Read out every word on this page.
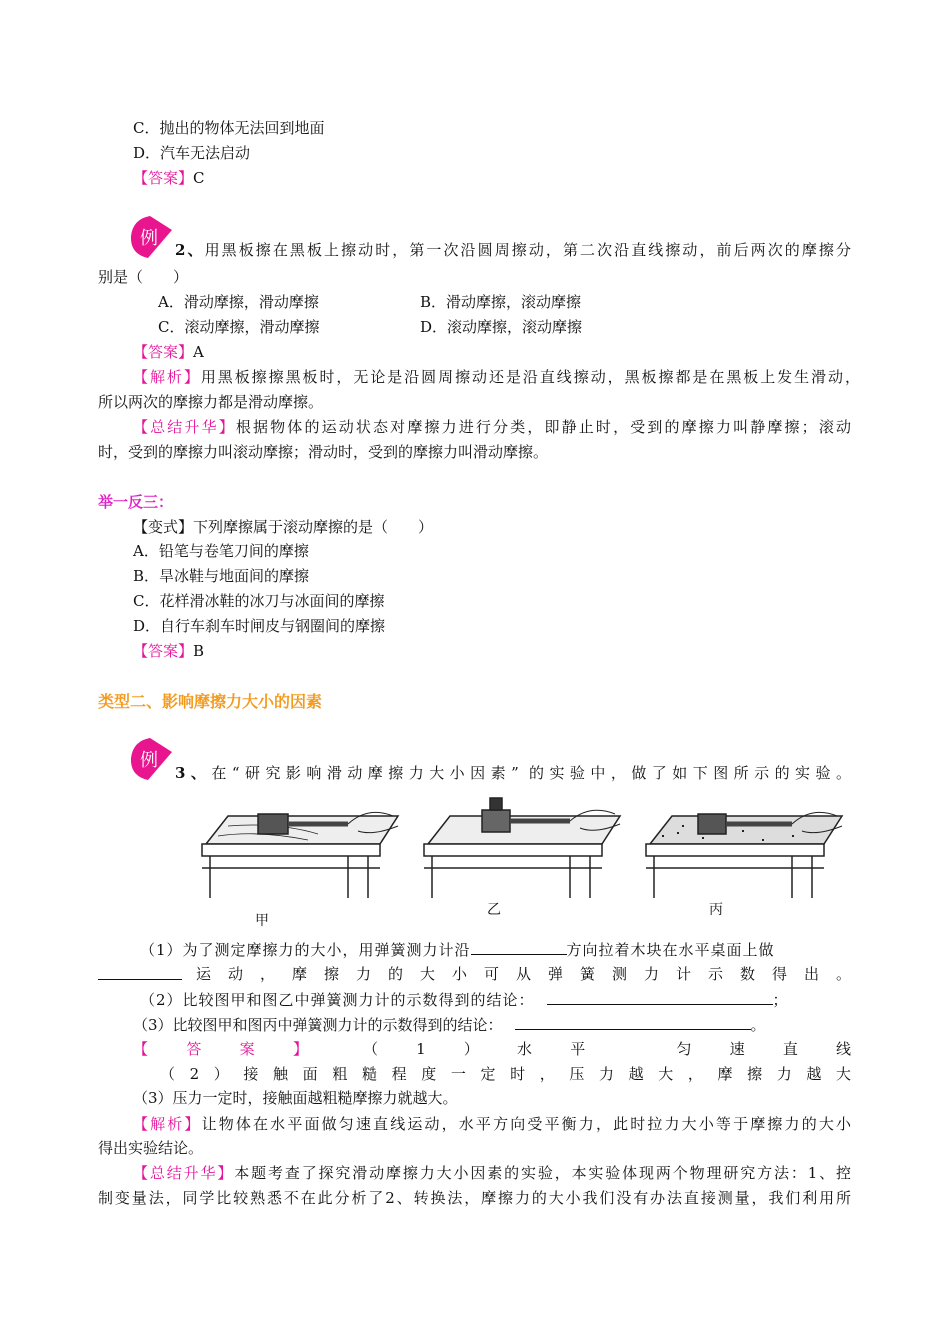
C．抛出的物体无法回到地面
D．汽车无法启动
【答案】C
例
2、用黑板擦在黑板上擦动时，第一次沿圆周擦动，第二次沿直线擦动，前后两次的摩擦分
别是（　　）
A．滑动摩擦，滑动摩擦	B．滑动摩擦，滚动摩擦
C．滚动摩擦，滑动摩擦	D．滚动摩擦，滚动摩擦
【答案】A
【解析】用黑板擦擦黑板时，无论是沿圆周擦动还是沿直线擦动，黑板擦都是在黑板上发生滑动，
所以两次的摩擦力都是滑动摩擦。
【总结升华】根据物体的运动状态对摩擦力进行分类，即静止时，受到的摩擦力叫静摩擦；滚动
时，受到的摩擦力叫滚动摩擦；滑动时，受到的摩擦力叫滑动摩擦。
举一反三：
【变式】下列摩擦属于滚动摩擦的是（　　）
A．铅笔与卷笔刀间的摩擦
B．旱冰鞋与地面间的摩擦
C．花样滑冰鞋的冰刀与冰面间的摩擦
D．自行车刹车时闸皮与钢圈间的摩擦
【答案】B
类型二、影响摩擦力大小的因素
例
3、在“研究影响滑动摩擦力大小因素” 的实验中，做了如下图所示的实验。
甲
乙	丙
（1）为了测定摩擦力的大小，用弹簧测力计沿	方向拉着木块在水平桌面上做
运动，摩擦力的大小可从弹簧测力计示数得出。
（2）比较图甲和图乙中弹簧测力计的示数得到的结论：	；
（3）比较图甲和图丙中弹簧测力计的示数得到的结论：	。
【答案】	（1）水平　匀速直线
（2）接触面粗糙程度一定时，压力越大，摩擦力越大
（3）压力一定时，接触面越粗糙摩擦力就越大。
【解析】让物体在水平面做匀速直线运动，水平方向受平衡力，此时拉力大小等于摩擦力的大小
得出实验结论。
【总结升华】本题考查了探究滑动摩擦力大小因素的实验，本实验体现两个物理研究方法：1、控
制变量法，同学比较熟悉不在此分析了2、转换法，摩擦力的大小我们没有办法直接测量，我们利用所
